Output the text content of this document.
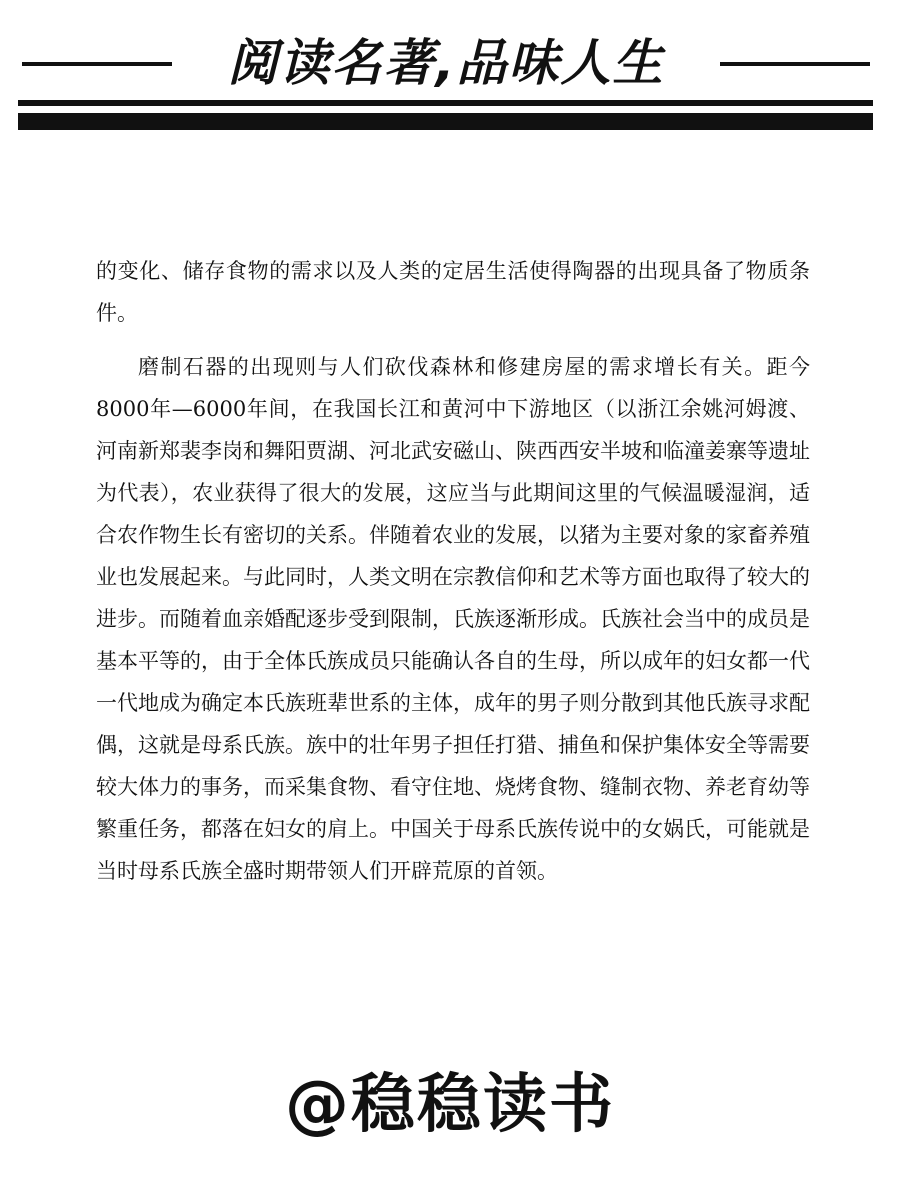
阅读名著,品味人生

的变化、储存食物的需求以及人类的定居生活使得陶器的出现具备了物质条件。

磨制石器的出现则与人们砍伐森林和修建房屋的需求增长有关。距今8000年—6000年间，在我国长江和黄河中下游地区（以浙江余姚河姆渡、河南新郑裴李岗和舞阳贾湖、河北武安磁山、陕西西安半坡和临潼姜寨等遗址为代表），农业获得了很大的发展，这应当与此期间这里的气候温暖湿润，适合农作物生长有密切的关系。伴随着农业的发展，以猪为主要对象的家畜养殖业也发展起来。与此同时，人类文明在宗教信仰和艺术等方面也取得了较大的进步。而随着血亲婚配逐步受到限制，氏族逐渐形成。氏族社会当中的成员是基本平等的，由于全体氏族成员只能确认各自的生母，所以成年的妇女都一代一代地成为确定本氏族班辈世系的主体，成年的男子则分散到其他氏族寻求配偶，这就是母系氏族。族中的壮年男子担任打猎、捕鱼和保护集体安全等需要较大体力的事务，而采集食物、看守住地、烧烤食物、缝制衣物、养老育幼等繁重任务，都落在妇女的肩上。中国关于母系氏族传说中的女娲氏，可能就是当时母系氏族全盛时期带领人们开辟荒原的首领。

@稳稳读书
